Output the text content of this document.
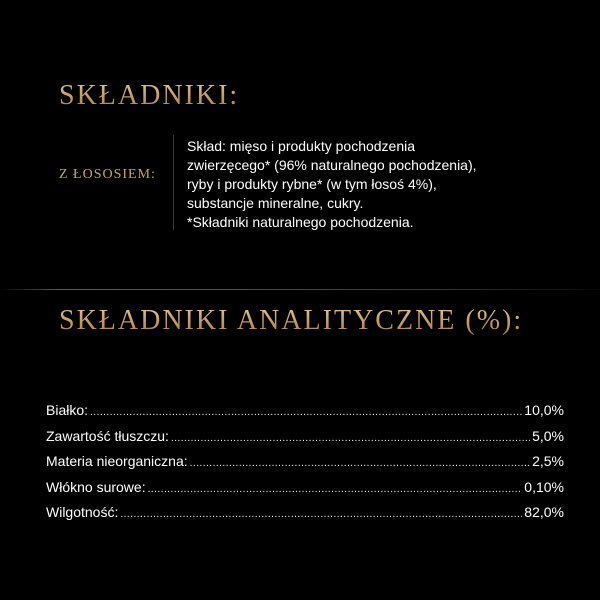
SKŁADNIKI:
Z ŁOSOSIEM:
Skład: mięso i produkty pochodzenia
zwierzęcego* (96% naturalnego pochodzenia),
ryby i produkty rybne* (w tym łosoś 4%),
substancje mineralne, cukry.
*Składniki naturalnego pochodzenia.
SKŁADNIKI ANALITYCZNE (%):
Białko: .....	10,0%
Zawartość tłuszczu: .....	5,0%
Materia nieorganiczna: .....	2,5%
Włókno surowe: .....	0,10%
Wilgotność: .....	82,0%
